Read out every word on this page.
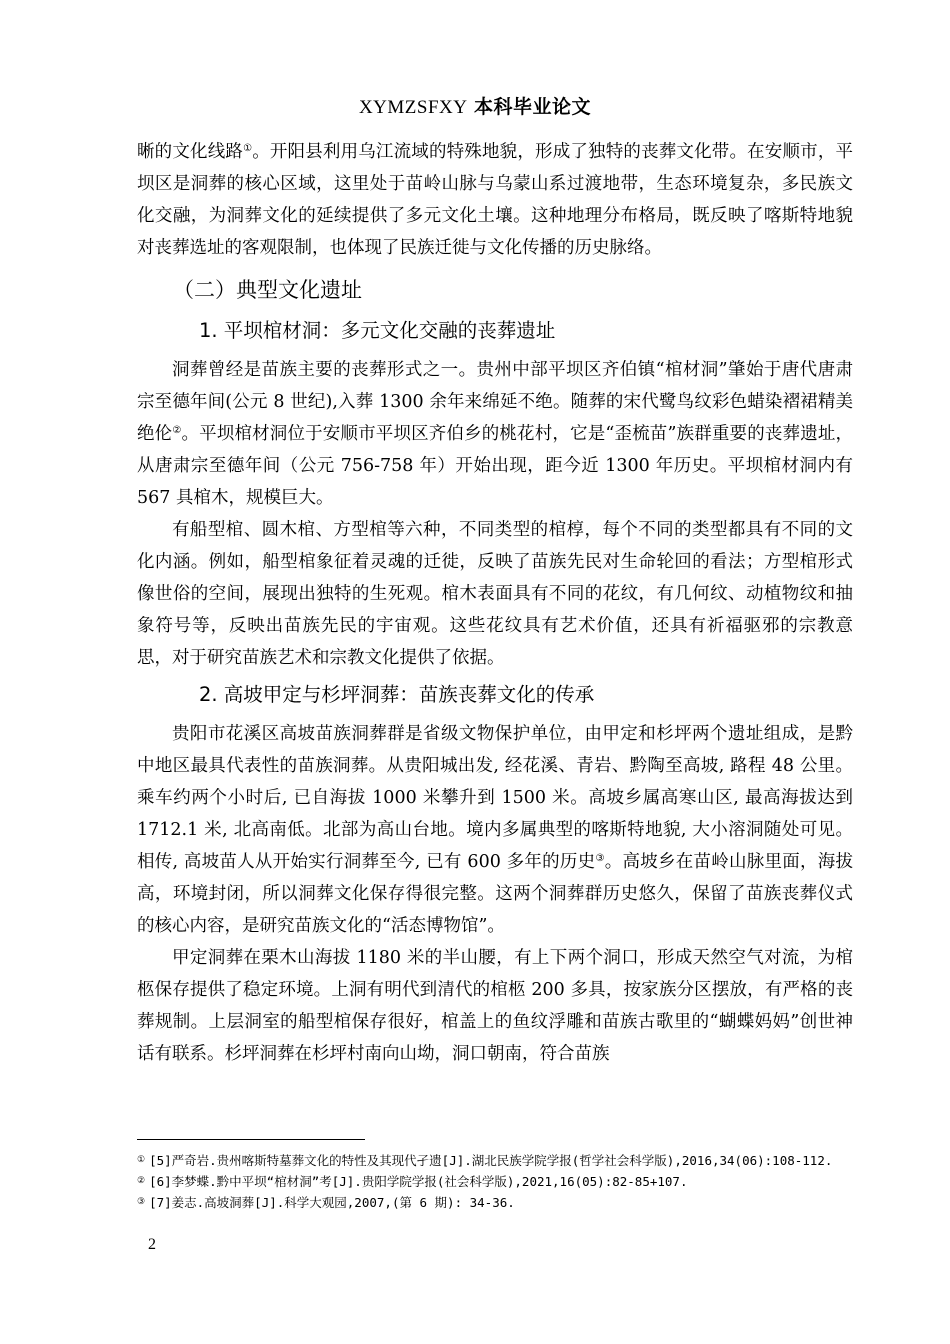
XYMZSFXY 本科毕业论文

晰的文化线路①。开阳县利用乌江流域的特殊地貌，形成了独特的丧葬文化带。在安顺市，平坝区是洞葬的核心区域，这里处于苗岭山脉与乌蒙山系过渡地带，生态环境复杂，多民族文化交融，为洞葬文化的延续提供了多元文化土壤。这种地理分布格局，既反映了喀斯特地貌对丧葬选址的客观限制，也体现了民族迁徙与文化传播的历史脉络。

（二）典型文化遗址
1. 平坝棺材洞：多元文化交融的丧葬遗址

洞葬曾经是苗族主要的丧葬形式之一。贵州中部平坝区齐伯镇“棺材洞”肇始于唐代唐肃宗至德年间(公元 8 世纪),入葬 1300 余年来绵延不绝。随葬的宋代鹭鸟纹彩色蜡染褶裙精美绝伦②。平坝棺材洞位于安顺市平坝区齐伯乡的桃花村，它是“歪梳苗”族群重要的丧葬遗址，从唐肃宗至德年间（公元 756-758 年）开始出现，距今近 1300 年历史。平坝棺材洞内有 567 具棺木，规模巨大。

有船型棺、圆木棺、方型棺等六种，不同类型的棺椁，每个不同的类型都具有不同的文化内涵。例如，船型棺象征着灵魂的迁徙，反映了苗族先民对生命轮回的看法；方型棺形式像世俗的空间，展现出独特的生死观。棺木表面具有不同的花纹，有几何纹、动植物纹和抽象符号等，反映出苗族先民的宇宙观。这些花纹具有艺术价值，还具有祈福驱邪的宗教意思，对于研究苗族艺术和宗教文化提供了依据。

2. 高坡甲定与杉坪洞葬：苗族丧葬文化的传承

贵阳市花溪区高坡苗族洞葬群是省级文物保护单位，由甲定和杉坪两个遗址组成，是黔中地区最具代表性的苗族洞葬。从贵阳城出发, 经花溪、青岩、黔陶至高坡, 路程 48 公里。乘车约两个小时后, 已自海拔 1000 米攀升到 1500 米。高坡乡属高寒山区, 最高海拔达到 1712.1 米, 北高南低。北部为高山台地。境内多属典型的喀斯特地貌, 大小溶洞随处可见。相传, 高坡苗人从开始实行洞葬至今, 已有 600 多年的历史③。高坡乡在苗岭山脉里面，海拔高，环境封闭，所以洞葬文化保存得很完整。这两个洞葬群历史悠久，保留了苗族丧葬仪式的核心内容，是研究苗族文化的“活态博物馆”。

甲定洞葬在栗木山海拔 1180 米的半山腰，有上下两个洞口，形成天然空气对流，为棺柩保存提供了稳定环境。上洞有明代到清代的棺柩 200 多具，按家族分区摆放，有严格的丧葬规制。上层洞室的船型棺保存很好，棺盖上的鱼纹浮雕和苗族古歌里的“蝴蝶妈妈”创世神话有联系。杉坪洞葬在杉坪村南向山坳，洞口朝南，符合苗族

① [5]严奇岩.贵州喀斯特墓葬文化的特性及其现代孑遗[J].湖北民族学院学报(哲学社会科学版),2016,34(06):108-112.

② [6]李梦蝶.黔中平坝“棺材洞”考[J].贵阳学院学报(社会科学版),2021,16(05):82-85+107.

③ [7]姜志.高坡洞葬[J].科学大观园,2007,(第 6 期): 34-36.

2
